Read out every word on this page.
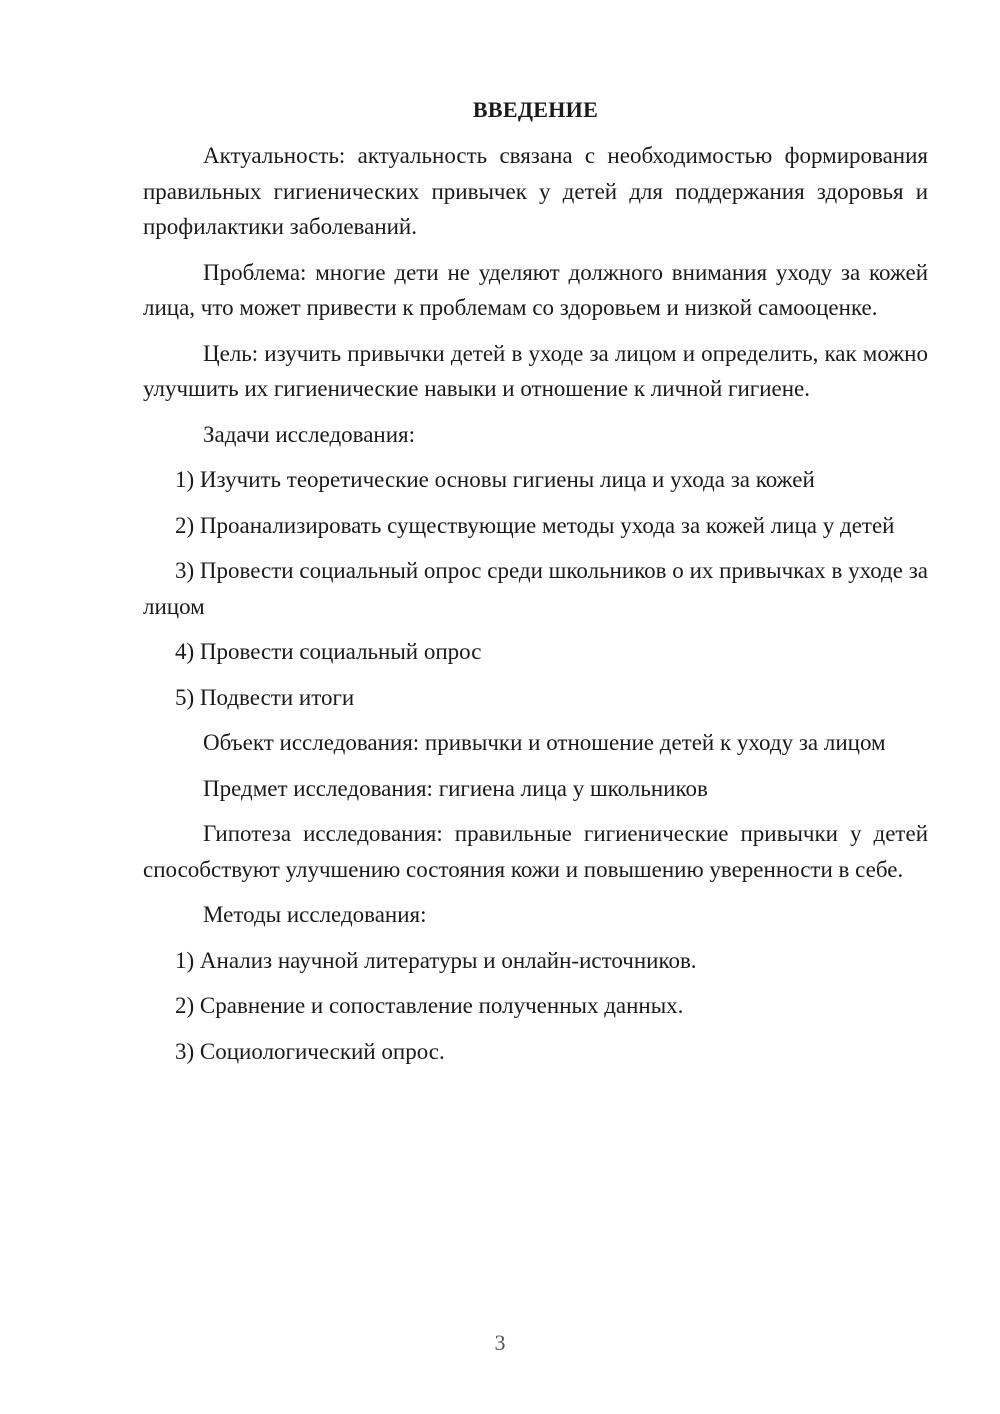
ВВЕДЕНИЕ
Актуальность: актуальность связана с необходимостью формирования правильных гигиенических привычек у детей для поддержания здоровья и профилактики заболеваний.
Проблема: многие дети не уделяют должного внимания уходу за кожей лица, что может привести к проблемам со здоровьем и низкой самооценке.
Цель: изучить привычки детей в уходе за лицом и определить, как можно улучшить их гигиенические навыки и отношение к личной гигиене.
Задачи исследования:
1) Изучить теоретические основы гигиены лица и ухода за кожей
2) Проанализировать существующие методы ухода за кожей лица у детей
3) Провести социальный опрос среди школьников о их привычках в уходе за лицом
4) Провести социальный опрос
5) Подвести итоги
Объект исследования: привычки и отношение детей к уходу за лицом
Предмет исследования: гигиена лица у школьников
Гипотеза исследования: правильные гигиенические привычки у детей способствуют улучшению состояния кожи и повышению уверенности в себе.
Методы исследования:
1) Анализ научной литературы и онлайн-источников.
2) Сравнение и сопоставление полученных данных.
3) Социологический опрос.
3
